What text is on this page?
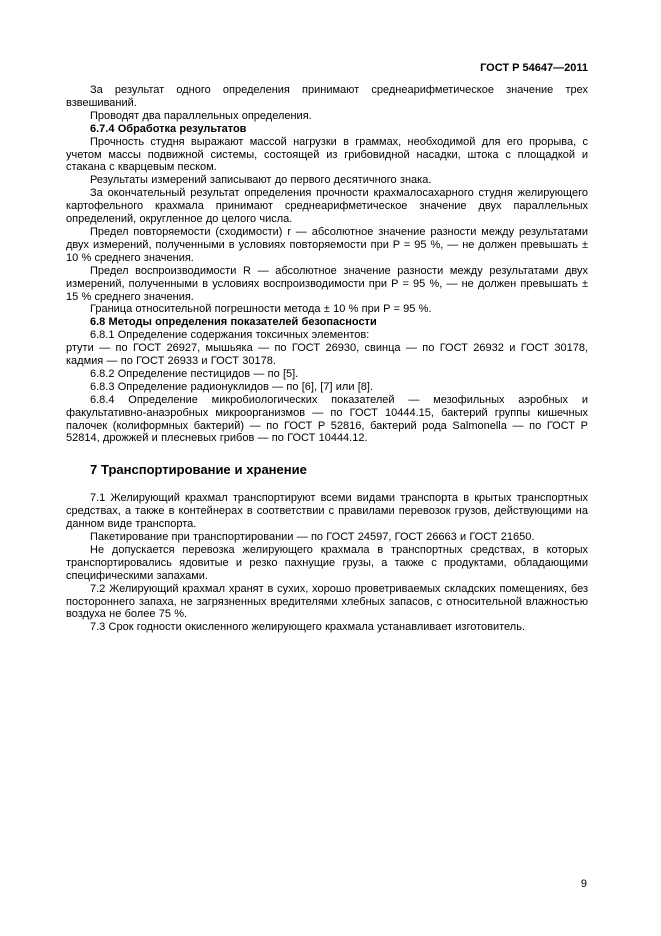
ГОСТ Р 54647—2011

За результат одного определения принимают среднеарифметическое значение трех взвешиваний.

Проводят два параллельных определения.

6.7.4 Обработка результатов

Прочность студня выражают массой нагрузки в граммах, необходимой для его прорыва, с учетом массы подвижной системы, состоящей из грибовидной насадки, штока с площадкой и стакана с кварцевым песком.

Результаты измерений записывают до первого десятичного знака.

За окончательный результат определения прочности крахмалосахарного студня желирующего картофельного крахмала принимают среднеарифметическое значение двух параллельных определений, округленное до целого числа.

Предел повторяемости (сходимости) r — абсолютное значение разности между результатами двух измерений, полученными в условиях повторяемости при P = 95 %, — не должен превышать ± 10 % среднего значения.

Предел воспроизводимости R — абсолютное значение разности между результатами двух измерений, полученными в условиях воспроизводимости при P = 95 %, — не должен превышать ± 15 % среднего значения.

Граница относительной погрешности метода ± 10 % при P = 95 %.

6.8 Методы определения показателей безопасности

6.8.1 Определение содержания токсичных элементов:

ртути — по ГОСТ 26927, мышьяка — по ГОСТ 26930, свинца — по ГОСТ 26932 и ГОСТ 30178, кадмия — по ГОСТ 26933 и ГОСТ 30178.

6.8.2 Определение пестицидов — по [5].

6.8.3 Определение радионуклидов — по [6], [7] или [8].

6.8.4 Определение микробиологических показателей — мезофильных аэробных и факультативно-анаэробных микроорганизмов — по ГОСТ 10444.15, бактерий группы кишечных палочек (колиформных бактерий) — по ГОСТ Р 52816, бактерий рода Salmonella — по ГОСТ Р 52814, дрожжей и плесневых грибов — по ГОСТ 10444.12.

7 Транспортирование и хранение

7.1 Желирующий крахмал транспортируют всеми видами транспорта в крытых транспортных средствах, а также в контейнерах в соответствии с правилами перевозок грузов, действующими на данном виде транспорта.

Пакетирование при транспортировании — по ГОСТ 24597, ГОСТ 26663 и ГОСТ 21650.

Не допускается перевозка желирующего крахмала в транспортных средствах, в которых транспортировались ядовитые и резко пахнущие грузы, а также с продуктами, обладающими специфическими запахами.

7.2 Желирующий крахмал хранят в сухих, хорошо проветриваемых складских помещениях, без постороннего запаха, не загрязненных вредителями хлебных запасов, с относительной влажностью воздуха не более 75 %.

7.3 Срок годности окисленного желирующего крахмала устанавливает изготовитель.

9
